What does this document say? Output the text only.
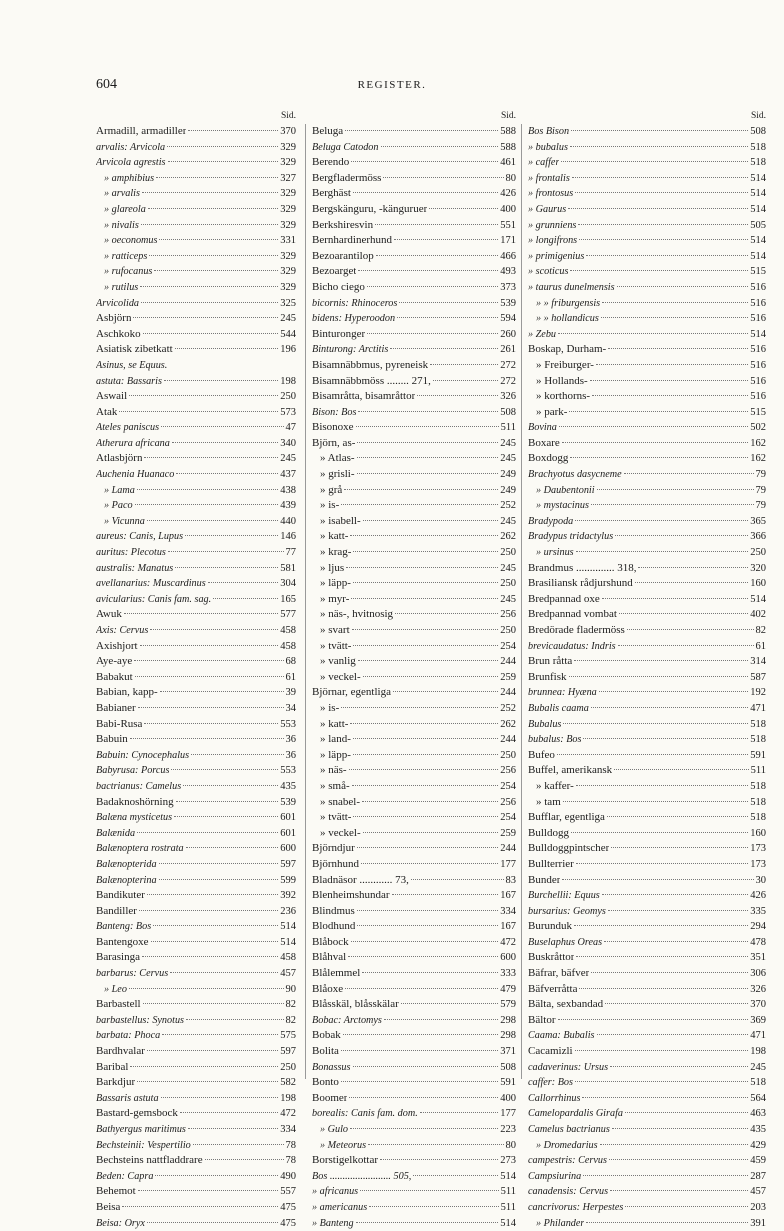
604	REGISTER.
Sid.
Armadill, armadiller	370
arvalis: Arvicola	329
Arvicola agrestis	329
» amphibius	327
» arvalis	329
» glareola	329
» nivalis	329
» oeconomus	331
» ratticeps	329
» rufocanus	329
» rutilus	329
Arvicolida	325
Asbjörn	245
Aschkoko	544
Asiatisk zibetkatt	196
Asinus, se Equus.
astuta: Bassaris	198
Aswail	250
Atak	573
Ateles paniscus	47
Atherura africana	340
Atlasbjörn	245
Auchenia Huanaco	437
» Lama	438
» Paco	439
» Vicunna	440
aureus: Canis, Lupus	146
auritus: Plecotus	77
australis: Manatus	581
avellanarius: Muscardinus	304
avicularius: Canis fam. sag.	165
Awuk	577
Axis: Cervus	458
Axishjort	458
Aye-aye	68
Babakut	61
Babian, kapp-	39
Babianer	34
Babi-Rusa	553
Babuin	36
Babuin: Cynocephalus	36
Babyrusa: Porcus	553
bactrianus: Camelus	435
Badaknoshörning	539
Balæna mysticetus	601
Balænida	601
Balænoptera rostrata	600
Balænopterida	597
Balænopterina	599
Bandikuter	392
Bandiller	236
Banteng: Bos	514
Bantengoxe	514
Barasinga	458
barbarus: Cervus	457
» Leo	90
Barbastell	82
barbastellus: Synotus	82
barbata: Phoca	575
Bardhvalar	597
Baribal	250
Barkdjur	582
Bassaris astuta	198
Bastard-gemsbock	472
Bathyergus maritimus	334
Bechsteinii: Vespertilio	78
Bechsteins nattfladdrare	78
Beden: Capra	490
Behemot	557
Beisa	475
Beisa: Oryx	475
Sid.
Beluga	588
Beluga Catodon	588
Berendo	461
Bergfladermöss	80
Berghäst	426
Bergskänguru, -känguruer	400
Berkshiresvin	551
Bernhardinerhund	171
Bezoarantilop	466
Bezoarget	493
Bicho ciego	373
bicornis: Rhinoceros	539
bidens: Hyperoodon	594
Binturonger	260
Binturong: Arctitis	261
Bisamnäbbmus, pyreneisk	272
Bisamnäbbmöss ........ 271,	272
Bisamråtta, bisamråttor	326
Bison: Bos	508
Bisonoxe	511
Björn, as-	245
» Atlas-	245
» grisli-	249
» grå	249
» is-	252
» isabell-	245
» katt-	262
» krag-	250
» ljus	245
» läpp-	250
» myr-	245
» näs-, hvitnosig	256
» svart	250
» tvätt-	254
» vanlig	244
» veckel-	259
Björnar, egentliga	244
» is-	252
» katt-	262
» land-	244
» läpp-	250
» näs-	256
» små-	254
» snabel-	256
» tvätt-	254
» veckel-	259
Björndjur	244
Björnhund	177
Bladnäsor ............ 73,	83
Blenheimshundar	167
Blindmus	334
Blodhund	167
Blåbock	472
Blåhval	600
Blålemmel	333
Blåoxe	479
Blåsskäl, blåsskälar	579
Bobac: Arctomys	298
Bobak	298
Bolita	371
Bonassus	508
Bonto	591
Boomer	400
borealis: Canis fam. dom.	177
» Gulo	223
» Meteorus	80
Borstigelkottar	273
Bos ........................ 505,	514
» africanus	511
» americanus	511
» Banteng	514
Sid.
Bos Bison	508
» bubalus	518
» caffer	518
» frontalis	514
» frontosus	514
» Gaurus	514
» grunniens	505
» longifrons	514
» primigenius	514
» scoticus	515
» taurus dunelmensis	516
» » friburgensis	516
» » hollandicus	516
» Zebu	514
Boskap, Durham-	516
» Freiburger-	516
» Hollands-	516
» korthorns-	516
» park-	515
Bovina	502
Boxare	162
Boxdogg	162
Brachyotus dasycneme	79
» Daubentonii	79
» mystacinus	79
Bradypoda	365
Bradypus tridactylus	366
» ursinus	250
Brandmus .............. 318,	320
Brasiliansk rådjurshund	160
Bredpannad oxe	514
Bredpannad vombat	402
Bredörade fladermöss	82
brevicaudatus: Indris	61
Brun råtta	314
Brunfisk	587
brunnea: Hyæna	192
Bubalis caama	471
Bubalus	518
bubalus: Bos	518
Bufeo	591
Buffel, amerikansk	511
» kaffer-	518
» tam	518
Bufflar, egentliga	518
Bulldogg	160
Bulldoggpintscher	173
Bullterrier	173
Bunder	30
Burchellii: Equus	426
bursarius: Geomys	335
Burunduk	294
Buselaphus Oreas	478
Buskråttor	351
Bäfrar, bäfver	306
Bäfverråtta	326
Bälta, sexbandad	370
Bältor	369
Caama: Bubalis	471
Cacamizli	198
cadaverinus: Ursus	245
caffer: Bos	518
Callorrhinus	564
Camelopardalis Girafa	463
Camelus bactrianus	435
» Dromedarius	429
campestris: Cervus	459
Campsiurina	287
canadensis: Cervus	457
cancrivorus: Herpestes	203
» Philander	391
